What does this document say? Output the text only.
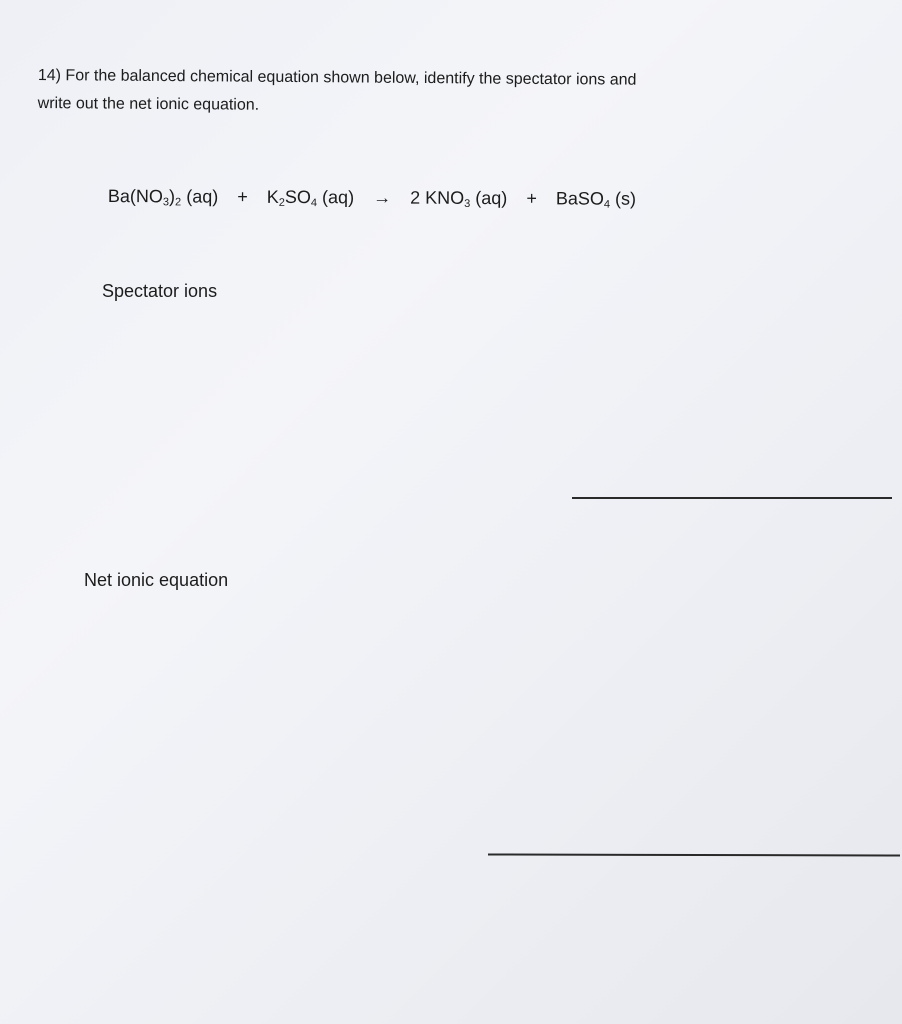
14) For the balanced chemical equation shown below, identify the spectator ions and
write out the net ionic equation.
$Ba(NO_3)_2$ $(aq) + K_2SO_4$ (aq) → 2 $KNO_3$ (aq) + BaSO$_4$ (s)
Spectator ions
Net ionic equation
